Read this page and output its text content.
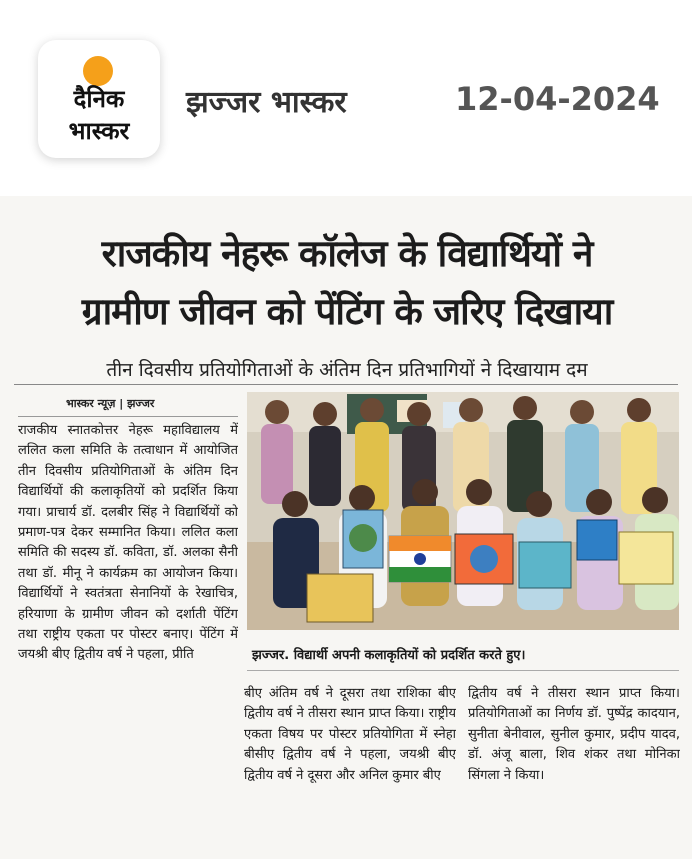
दैनिक
भास्कर
झज्जर भास्कर	12-04-2024
राजकीय नेहरू कॉलेज के विद्यार्थियों ने
ग्रामीण जीवन को पेंटिंग के जरिए दिखाया
तीन दिवसीय प्रतियोगिताओं के अंतिम दिन प्रतिभागियों ने दिखायाम दम
भास्कर न्यूज़ | झज्जर
राजकीय स्नातकोत्तर नेहरू महाविद्यालय में ललित कला समिति के तत्वाधान में आयोजित तीन दिवसीय प्रतियोगिताओं के अंतिम दिन विद्यार्थियों की कलाकृतियों को प्रदर्शित किया गया। प्राचार्य डॉ. दलबीर सिंह ने विद्यार्थियों को प्रमाण-पत्र देकर सम्मानित किया। ललित कला समिति की सदस्य डॉ. कविता, डॉ. अलका सैनी तथा डॉ. मीनू ने कार्यक्रम का आयोजन किया। विद्यार्थियों ने स्वतंत्रता सेनानियों के रेखाचित्र, हरियाणा के ग्रामीण जीवन को दर्शाती पेंटिंग तथा राष्ट्रीय एकता पर पोस्टर बनाए। पेंटिंग में जयश्री बीए द्वितीय वर्ष ने पहला, प्रीति	झज्जर. विद्यार्थी अपनी कलाकृतियों को प्रदर्शित करते हुए।
बीए अंतिम वर्ष ने दूसरा तथा राशिका बीए द्वितीय वर्ष ने तीसरा स्थान प्राप्त किया। राष्ट्रीय एकता विषय पर पोस्टर प्रतियोगिता में स्नेहा बीसीए द्वितीय वर्ष ने पहला, जयश्री बीए द्वितीय वर्ष ने दूसरा और अनिल कुमार बीए
द्वितीय वर्ष ने तीसरा स्थान प्राप्त किया। प्रतियोगिताओं का निर्णय डॉ. पुष्पेंद्र कादयान, सुनीता बेनीवाल, सुनील कुमार, प्रदीप यादव, डॉ. अंजू बाला, शिव शंकर तथा मोनिका सिंगला ने किया।
